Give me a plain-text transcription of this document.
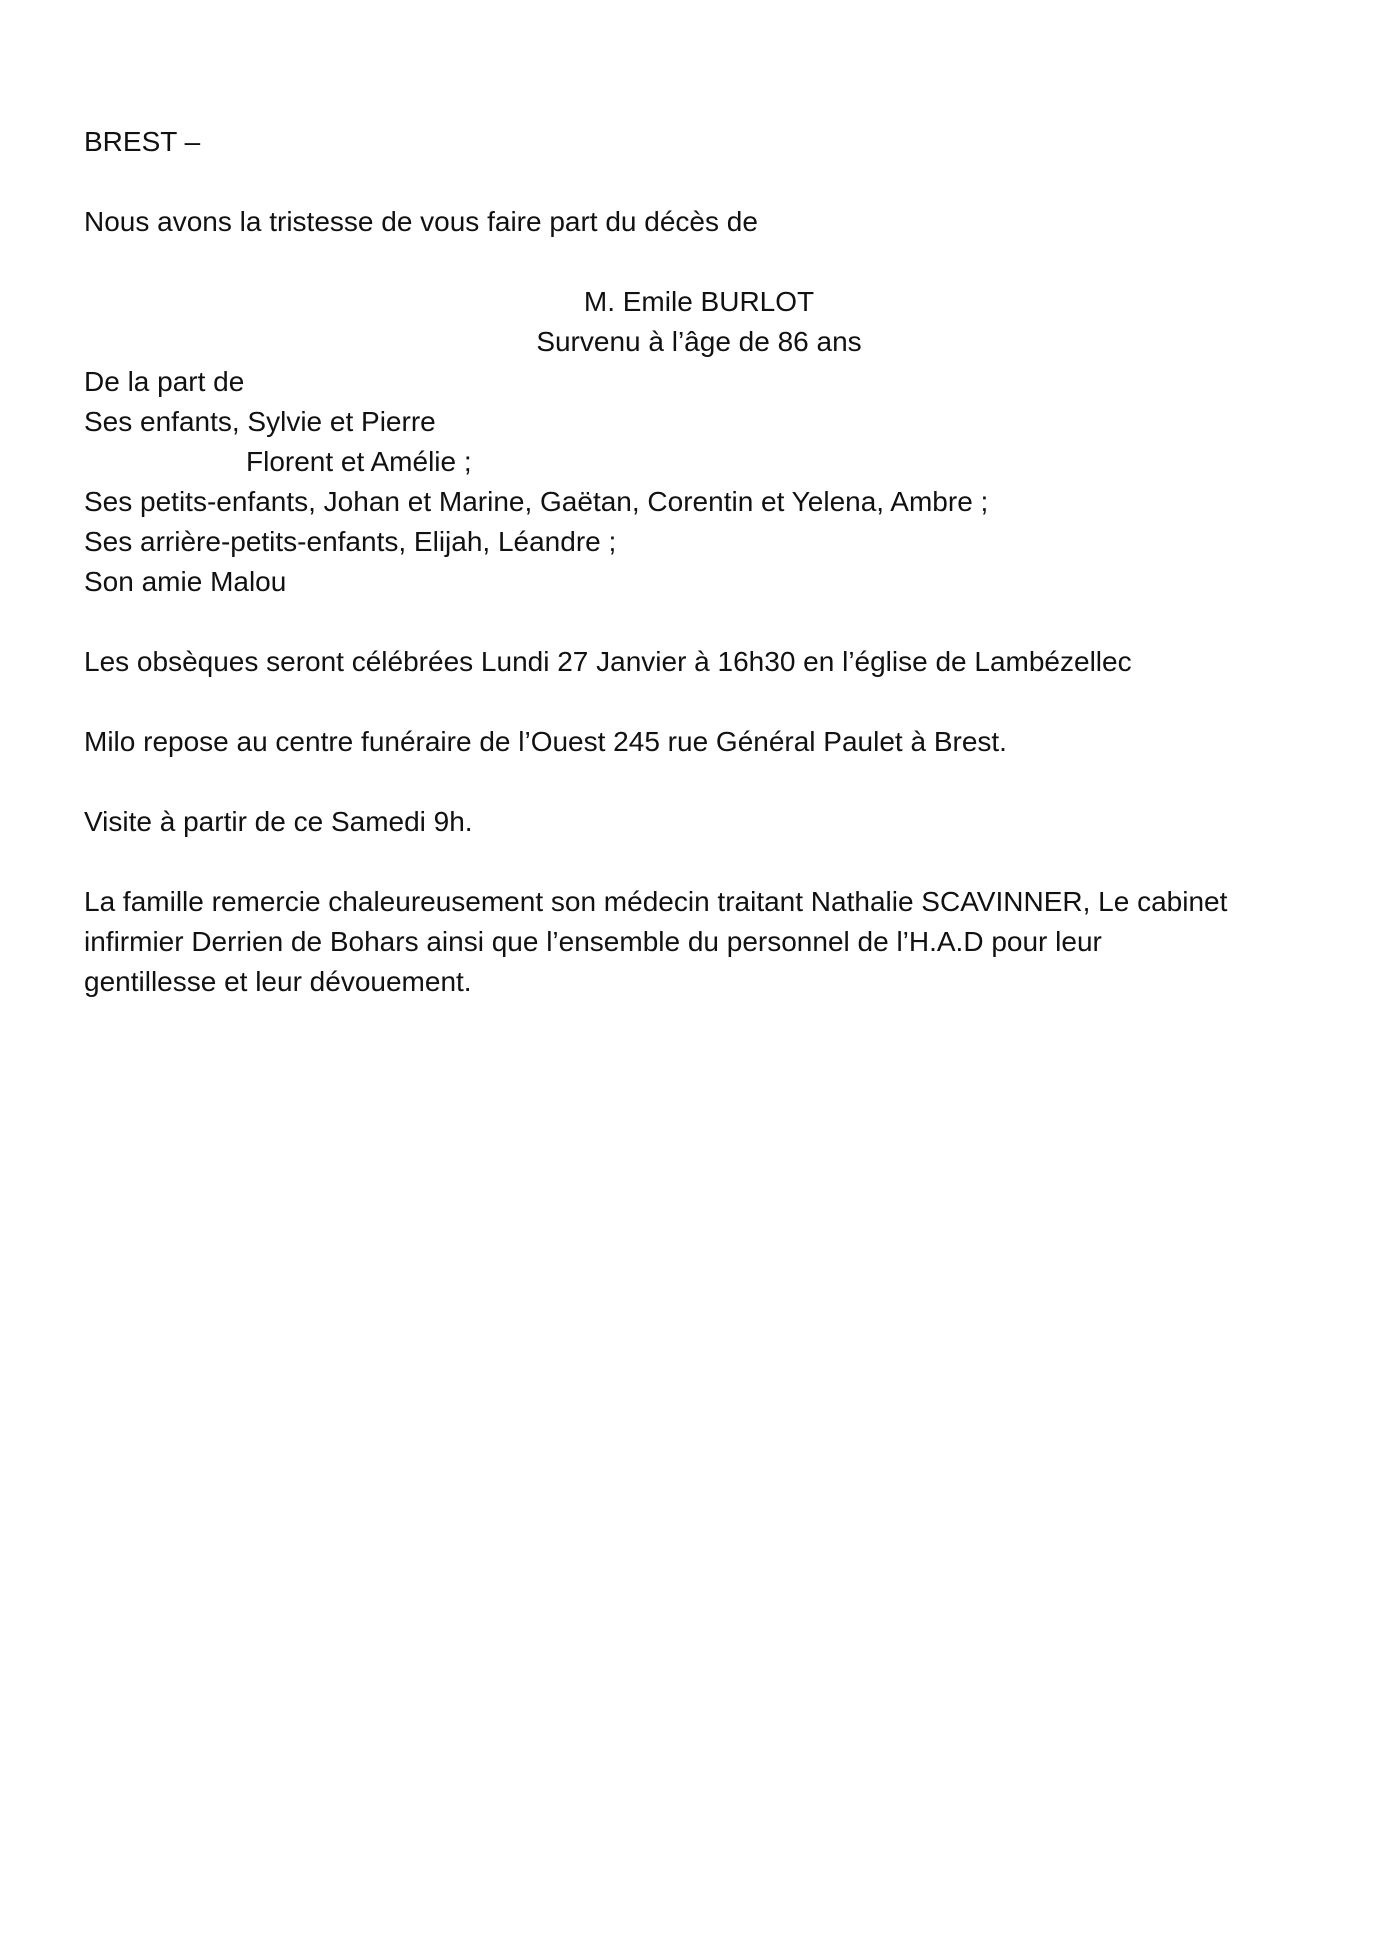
BREST –
Nous avons la tristesse de vous faire part du décès de
M. Emile BURLOT
Survenu à l’âge de 86 ans
De la part de
Ses enfants, Sylvie et Pierre
Florent et Amélie ;
Ses petits-enfants, Johan et Marine, Gaëtan, Corentin et Yelena, Ambre ;
Ses arrière-petits-enfants, Elijah, Léandre ;
Son amie Malou
Les obsèques seront célébrées Lundi 27 Janvier à 16h30 en l’église de Lambézellec
Milo repose au centre funéraire de l’Ouest 245 rue Général Paulet à Brest.
Visite à partir de ce Samedi 9h.
La famille remercie chaleureusement son médecin traitant Nathalie SCAVINNER, Le cabinet
infirmier Derrien de Bohars ainsi que l’ensemble du personnel de l’H.A.D pour leur
gentillesse et leur dévouement.
